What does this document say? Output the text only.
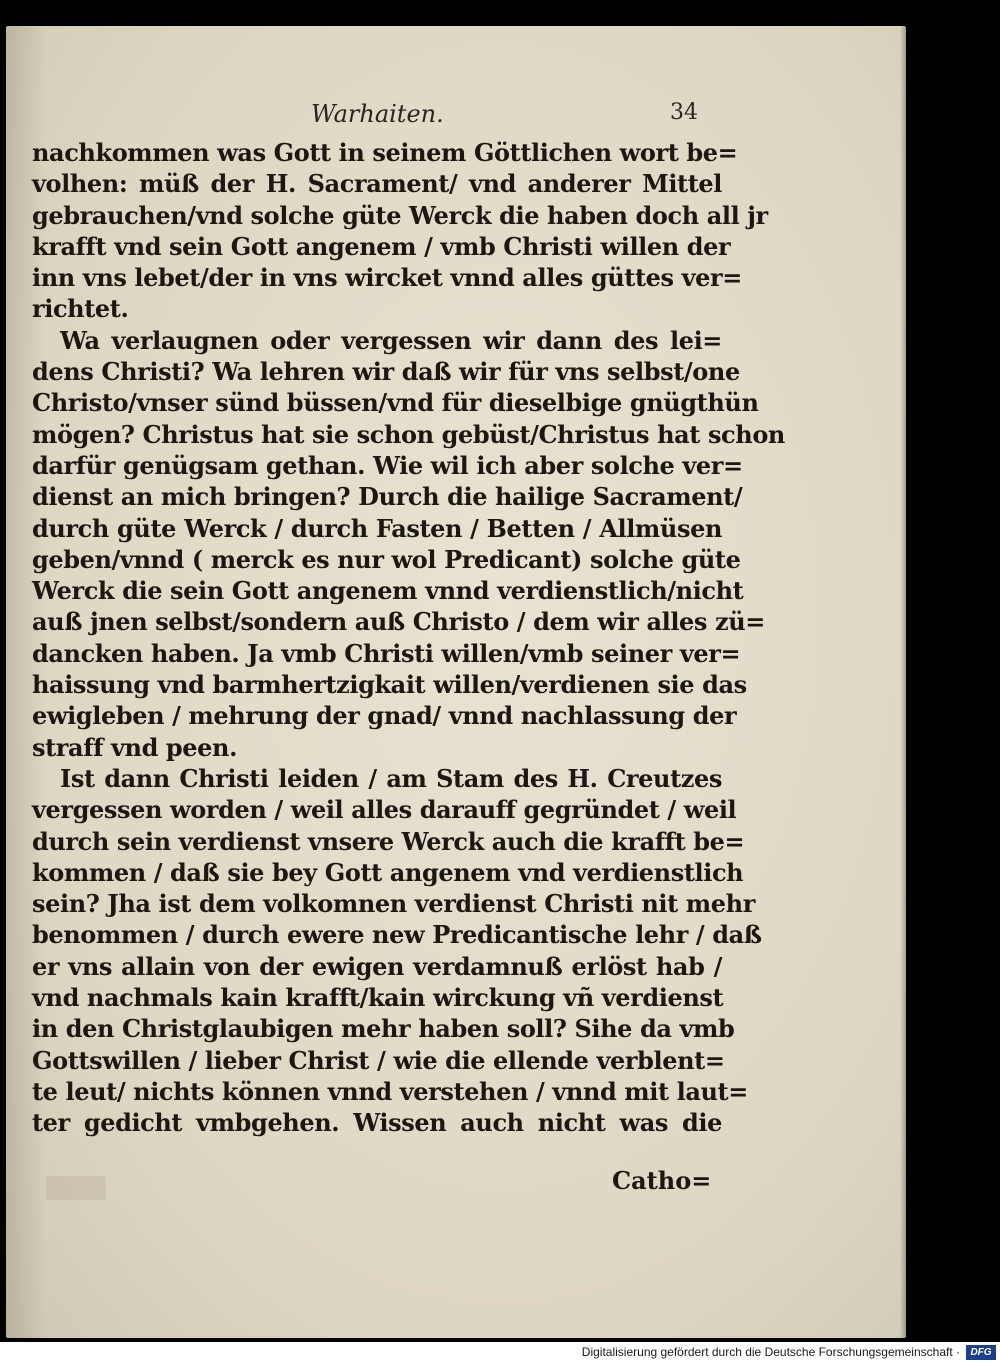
Warhaiten.	34
nachkommen was Gott in seinem Göttlichen wort be=
volhen: müß der H. Sacrament/ vnd anderer Mittel
gebrauchen/vnd solche güte Werck die haben doch all jr
krafft vnd sein Gott angenem / vmb Christi willen der
inn vns lebet/der in vns wircket vnnd alles güttes ver=
richtet.
Wa verlaugnen oder vergessen wir dann des lei=
dens Christi? Wa lehren wir daß wir für vns selbst/one
Christo/vnser sünd büssen/vnd für dieselbige gnügthün
mögen? Christus hat sie schon gebüst/Christus hat schon
darfür genügsam gethan. Wie wil ich aber solche ver=
dienst an mich bringen? Durch die hailige Sacrament/
durch güte Werck / durch Fasten / Betten / Allmüsen
geben/vnnd ( merck es nur wol Predicant) solche güte
Werck die sein Gott angenem vnnd verdienstlich/nicht
auß jnen selbst/sondern auß Christo / dem wir alles zü=
dancken haben. Ja vmb Christi willen/vmb seiner ver=
haissung vnd barmhertzigkait willen/verdienen sie das
ewigleben / mehrung der gnad/ vnnd nachlassung der
straff vnd peen.
Ist dann Christi leiden / am Stam des H. Creutzes
vergessen worden / weil alles darauff gegründet / weil
durch sein verdienst vnsere Werck auch die krafft be=
kommen / daß sie bey Gott angenem vnd verdienstlich
sein? Jha ist dem volkomnen verdienst Christi nit mehr
benommen / durch ewere new Predicantische lehr / daß
er vns allain von der ewigen verdamnuß erlöst hab /
vnd nachmals kain krafft/kain wirckung vñ verdienst
in den Christglaubigen mehr haben soll? Sihe da vmb
Gottswillen / lieber Christ / wie die ellende verblent=
te leut/ nichts können vnnd verstehen / vnnd mit laut=
ter gedicht vmbgehen. Wissen auch nicht was die
Catho=
Digitalisierung gefördert durch die Deutsche Forschungsgemeinschaft ·	DFG
